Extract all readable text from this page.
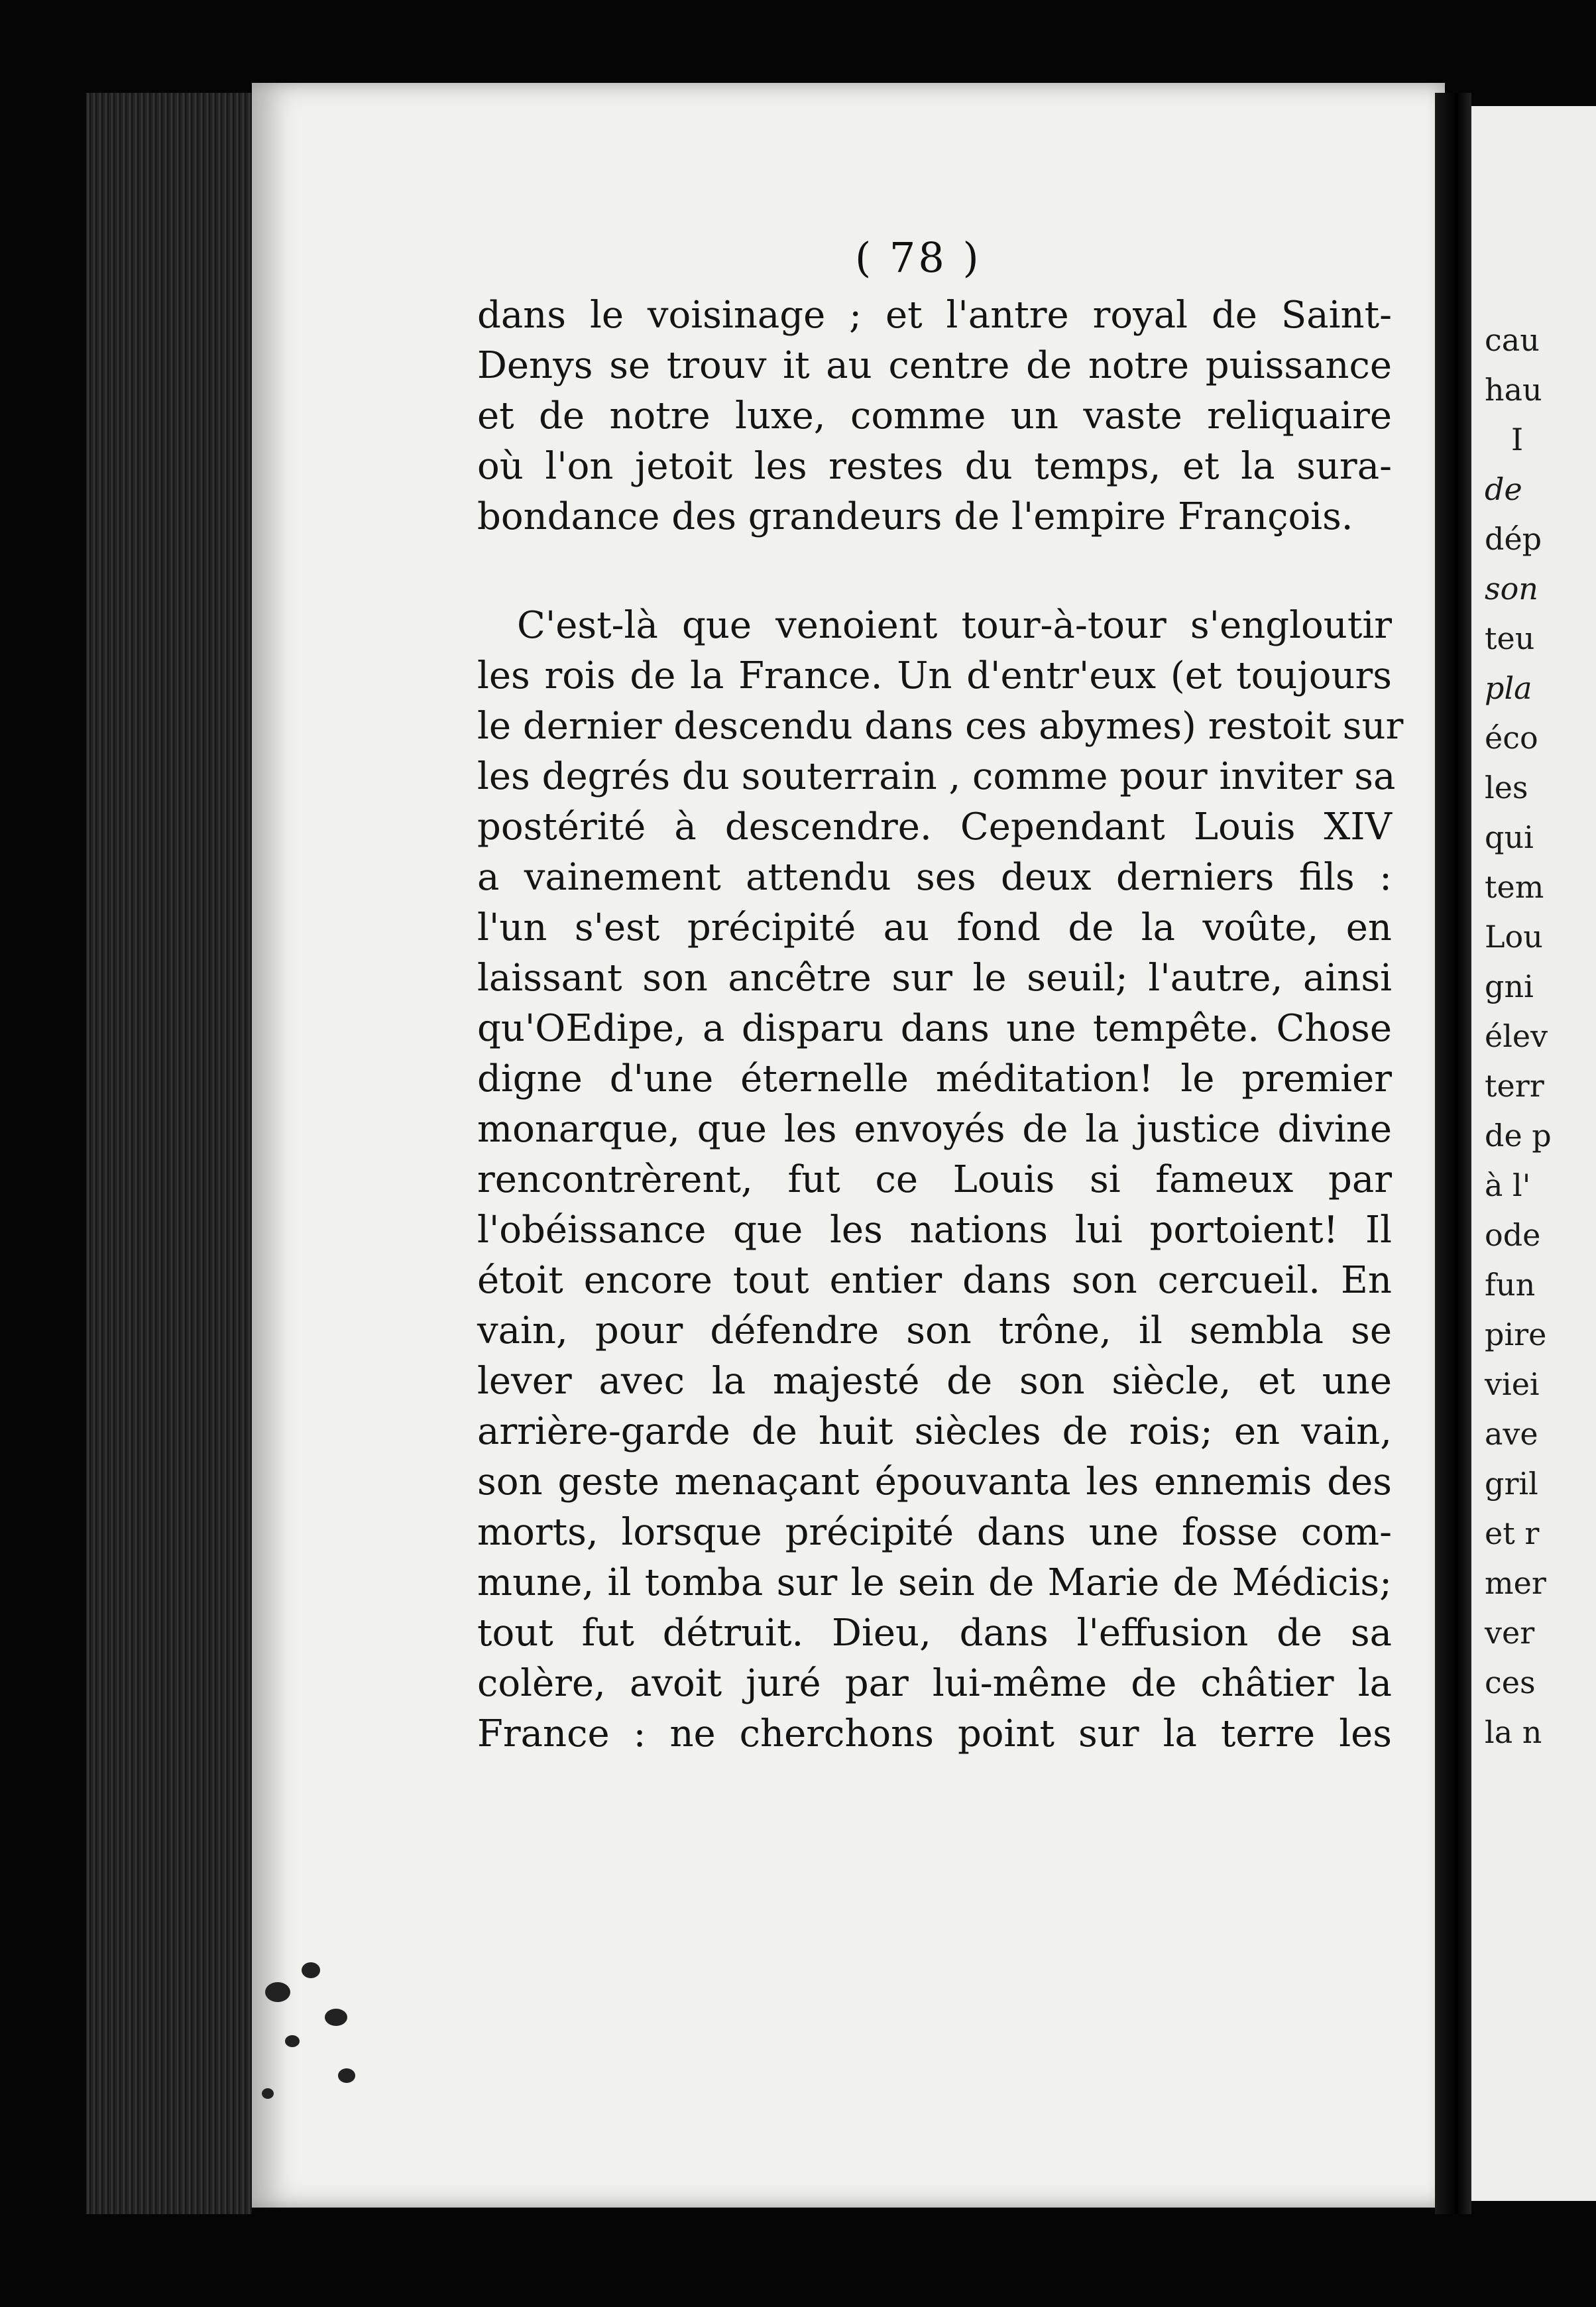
( 78 )
dans le voisinage ; et l'antre royal de Saint-
Denys se trouv it au centre de notre puissance
et de notre luxe, comme un vaste reliquaire
où l'on jetoit les restes du temps, et la sura-
bondance des grandeurs de l'empire François.
C'est-là que venoient tour-à-tour s'engloutir
les rois de la France. Un d'entr'eux (et toujours
le dernier descendu dans ces abymes) restoit sur
les degrés du souterrain , comme pour inviter sa
postérité à descendre. Cependant Louis XIV
a vainement attendu ses deux derniers fils :
l'un s'est précipité au fond de la voûte, en
laissant son ancêtre sur le seuil; l'autre, ainsi
qu'OEdipe, a disparu dans une tempête. Chose
digne d'une éternelle méditation! le premier
monarque, que les envoyés de la justice divine
rencontrèrent, fut ce Louis si fameux par
l'obéissance que les nations lui portoient! Il
étoit encore tout entier dans son cercueil. En
vain, pour défendre son trône, il sembla se
lever avec la majesté de son siècle, et une
arrière-garde de huit siècles de rois; en vain,
son geste menaçant épouvanta les ennemis des
morts, lorsque précipité dans une fosse com-
mune, il tomba sur le sein de Marie de Médicis;
tout fut détruit. Dieu, dans l'effusion de sa
colère, avoit juré par lui-même de châtier la
France : ne cherchons point sur la terre les
cau
hau
I
de
dép
son
teu
pla
éco
les
qui
tem
Lou
gni
élev
terr
de p
à l'
ode
fun
pire
viei
ave
gril
et r
mer
ver
ces
la n
